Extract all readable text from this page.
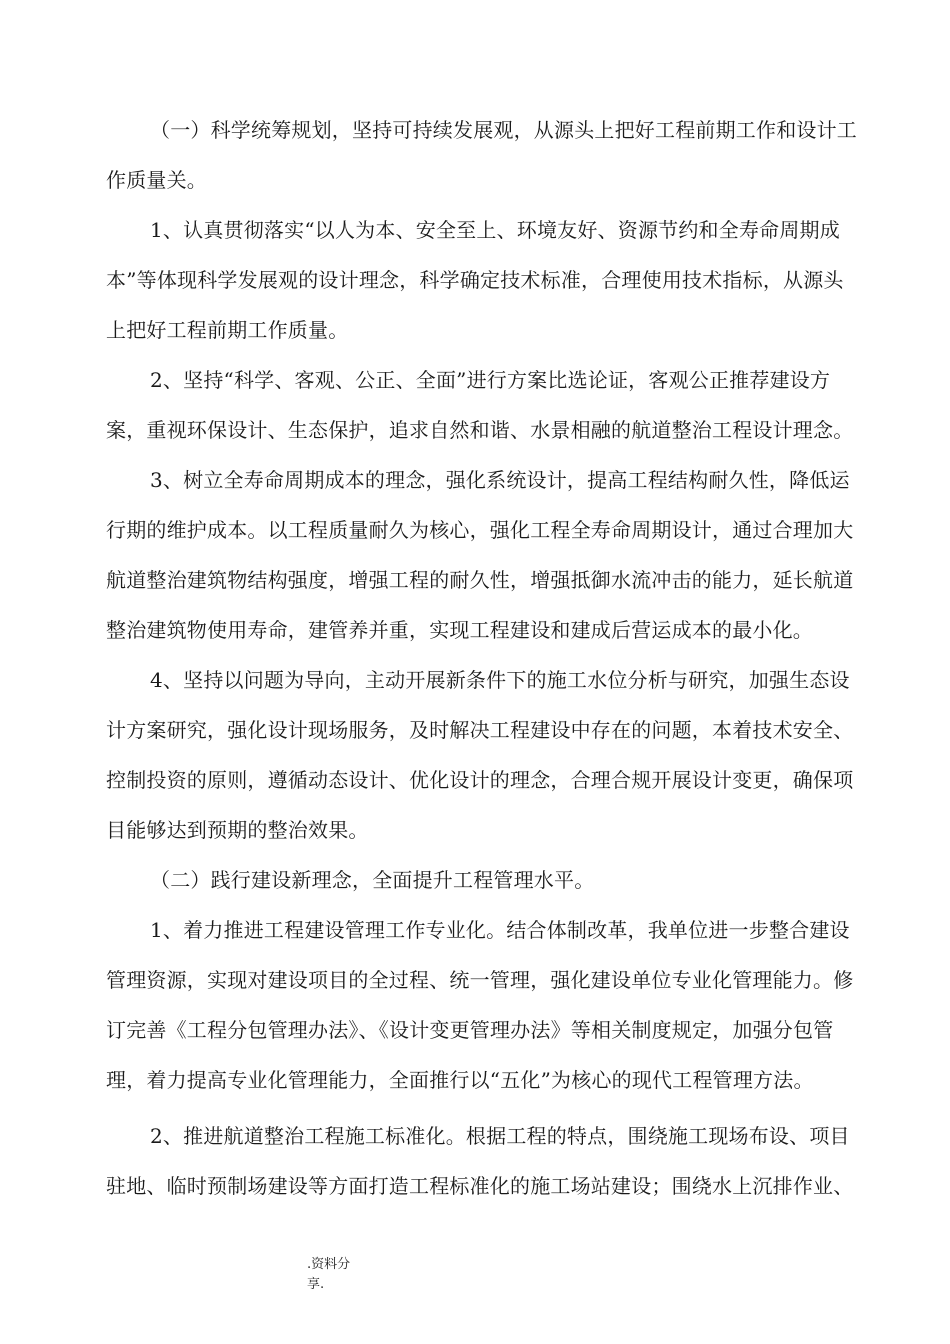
（一）科学统筹规划，坚持可持续发展观，从源头上把好工程前期工作和设计工
作质量关。
1、认真贯彻落实“以人为本、安全至上、环境友好、资源节约和全寿命周期成
本”等体现科学发展观的设计理念，科学确定技术标准，合理使用技术指标，从源头
上把好工程前期工作质量。
2、坚持“科学、客观、公正、全面”进行方案比选论证，客观公正推荐建设方
案，重视环保设计、生态保护，追求自然和谐、水景相融的航道整治工程设计理念。
3、树立全寿命周期成本的理念，强化系统设计，提高工程结构耐久性，降低运
行期的维护成本。以工程质量耐久为核心，强化工程全寿命周期设计，通过合理加大
航道整治建筑物结构强度，增强工程的耐久性，增强抵御水流冲击的能力，延长航道
整治建筑物使用寿命，建管养并重，实现工程建设和建成后营运成本的最小化。
4、坚持以问题为导向，主动开展新条件下的施工水位分析与研究，加强生态设
计方案研究，强化设计现场服务，及时解决工程建设中存在的问题，本着技术安全、
控制投资的原则，遵循动态设计、优化设计的理念，合理合规开展设计变更，确保项
目能够达到预期的整治效果。
（二）践行建设新理念，全面提升工程管理水平。
1、着力推进工程建设管理工作专业化。结合体制改革，我单位进一步整合建设
管理资源，实现对建设项目的全过程、统一管理，强化建设单位专业化管理能力。修
订完善《工程分包管理办法》、《设计变更管理办法》等相关制度规定，加强分包管
理，着力提高专业化管理能力，全面推行以“五化”为核心的现代工程管理方法。
2、推进航道整治工程施工标准化。根据工程的特点，围绕施工现场布设、项目
驻地、临时预制场建设等方面打造工程标准化的施工场站建设；围绕水上沉排作业、
.资料分
享.
